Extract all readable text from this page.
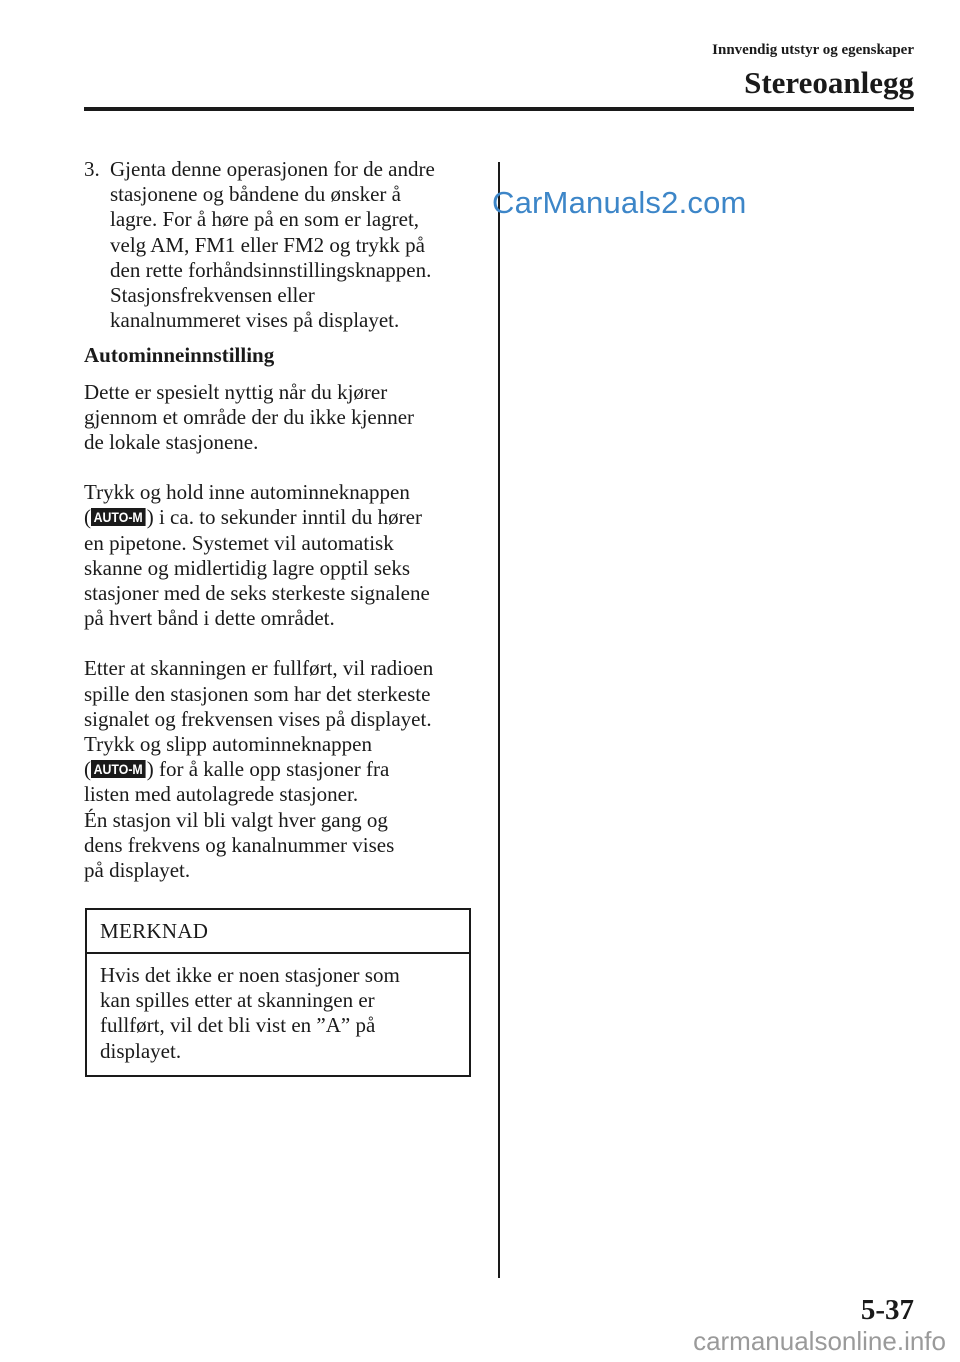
Innvendig utstyr og egenskaper
Stereoanlegg
CarManuals2.com
3. Gjenta denne operasjonen for de andre
stasjonene og båndene du ønsker å
lagre. For å høre på en som er lagret,
velg AM, FM1 eller FM2 og trykk på
den rette forhåndsinnstillingsknappen.
Stasjonsfrekvensen eller
kanalnummeret vises på displayet.
Autominneinnstilling
Dette er spesielt nyttig når du kjører
gjennom et område der du ikke kjenner
de lokale stasjonene.
Trykk og hold inne autominneknappen
( AUTO-M ) i ca. to sekunder inntil du hører
en pipetone. Systemet vil automatisk
skanne og midlertidig lagre opptil seks
stasjoner med de seks sterkeste signalene
på hvert bånd i dette området.
Etter at skanningen er fullført, vil radioen
spille den stasjonen som har det sterkeste
signalet og frekvensen vises på displayet.
Trykk og slipp autominneknappen
( AUTO-M ) for å kalle opp stasjoner fra
listen med autolagrede stasjoner.
Én stasjon vil bli valgt hver gang og
dens frekvens og kanalnummer vises
på displayet.
MERKNAD
Hvis det ikke er noen stasjoner som
kan spilles etter at skanningen er
fullført, vil det bli vist en ”A” på
displayet.
5-37
carmanualsonline.info
